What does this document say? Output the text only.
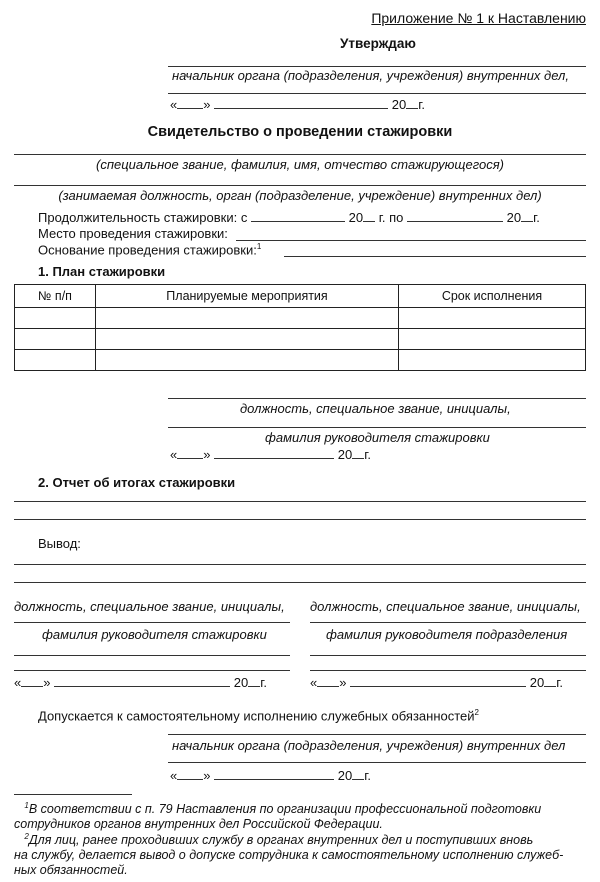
Приложение № 1 к Наставлению
Утверждаю
начальник органа (подразделения, учреждения) внутренних дел,
« »	20 г.
Свидетельство о проведении стажировки
(специальное звание, фамилия, имя, отчество стажирующегося)
(занимаемая должность, орган (подразделение, учреждение) внутренних дел)
Продолжительность стажировки: с	20 г. по	20 г.
Место проведения стажировки:
Основание проведения стажировки:$^1$
1. План стажировки
№ п/п	Планируемые мероприятия	Срок исполнения

должность, специальное звание, инициалы,
фамилия руководителя стажировки
« »	20 г.
2. Отчет об итогах стажировки
Вывод:
должность, специальное звание, инициалы, должность, специальное звание, инициалы,
фамилия руководителя стажировки	фамилия руководителя подразделения
« »	20 г.	« »	20 г.
Допускается к самостоятельному исполнению служебных обязанностей$^2$
начальник органа (подразделения, учреждения) внутренних дел
« »	20 г.
$^1$В соответствии с п. 79 Наставления по организации профессиональной подготовки
сотрудников органов внутренних дел Российской Федерации.
$^2$Для лиц, ранее проходивших службу в органах внутренних дел и поступивших вновь
на службу, делается вывод о допуске сотрудника к самостоятельному исполнению служеб-
ных обязанностей.
